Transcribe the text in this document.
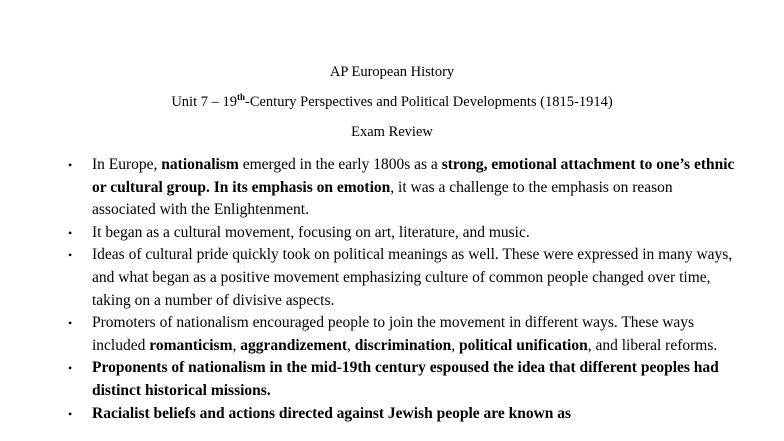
AP European History
Unit 7 – 19th-Century Perspectives and Political Developments (1815-1914)
Exam Review
• In Europe, nationalism emerged in the early 1800s as a strong, emotional attachment to one’s ethnic or cultural group. In its emphasis on emotion, it was a challenge to the emphasis on reason associated with the Enlightenment.
• It began as a cultural movement, focusing on art, literature, and music.
• Ideas of cultural pride quickly took on political meanings as well. These were expressed in many ways, and what began as a positive movement emphasizing culture of common people changed over time, taking on a number of divisive aspects.
• Promoters of nationalism encouraged people to join the movement in different ways. These ways included romanticism, aggrandizement, discrimination, political unification, and liberal reforms.
• Proponents of nationalism in the mid-19th century espoused the idea that different peoples had distinct historical missions.
• Racialist beliefs and actions directed against Jewish people are known as
